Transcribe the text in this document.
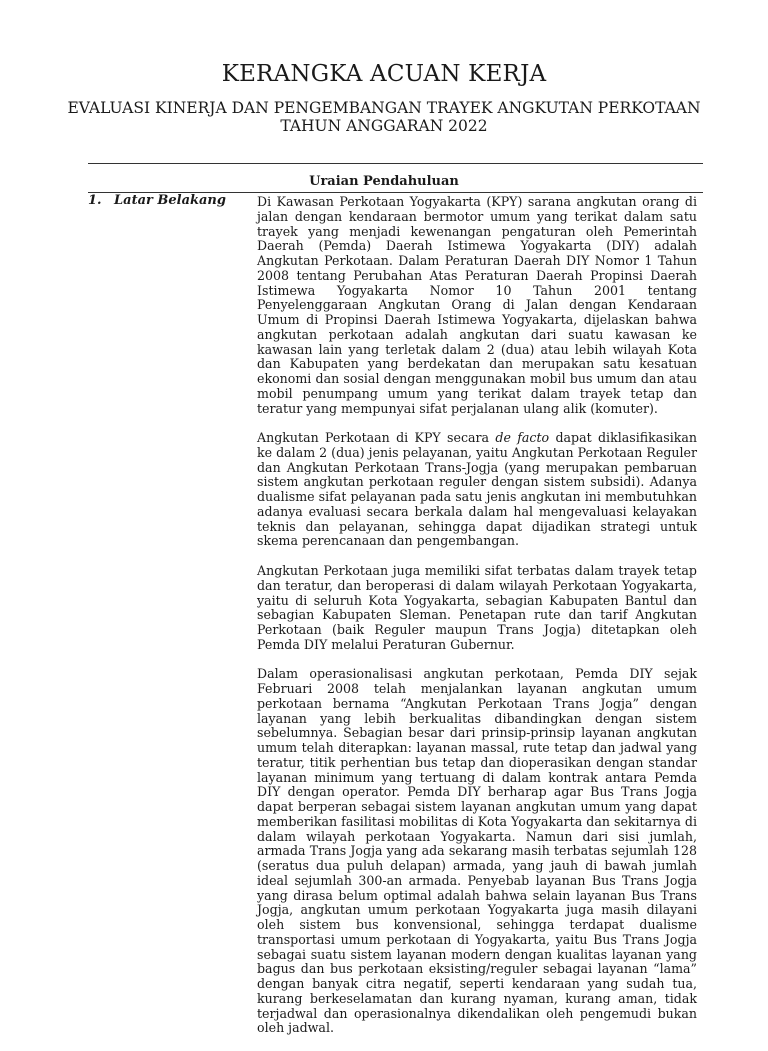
KERANGKA ACUAN KERJA
EVALUASI KINERJA DAN PENGEMBANGAN TRAYEK ANGKUTAN PERKOTAAN
TAHUN ANGGARAN 2022
Uraian Pendahuluan
1. Latar Belakang Di Kawasan Perkotaan Yogyakarta (KPY) sarana angkutan orang di jalan dengan kendaraan bermotor umum yang terikat dalam satu trayek yang menjadi kewenangan pengaturan oleh Pemerintah Daerah (Pemda) Daerah Istimewa Yogyakarta (DIY) adalah Angkutan Perkotaan. Dalam Peraturan Daerah DIY Nomor 1 Tahun 2008 tentang Perubahan Atas Peraturan Daerah Propinsi Daerah Istimewa Yogyakarta Nomor 10 Tahun 2001 tentang Penyelenggaraan Angkutan Orang di Jalan dengan Kendaraan Umum di Propinsi Daerah Istimewa Yogyakarta, dijelaskan bahwa angkutan perkotaan adalah angkutan dari suatu kawasan ke kawasan lain yang terletak dalam 2 (dua) atau lebih wilayah Kota dan Kabupaten yang berdekatan dan merupakan satu kesatuan ekonomi dan sosial dengan menggunakan mobil bus umum dan atau mobil penumpang umum yang terikat dalam trayek tetap dan teratur yang mempunyai sifat perjalanan ulang alik (komuter).

Angkutan Perkotaan di KPY secara de facto dapat diklasifikasikan ke dalam 2 (dua) jenis pelayanan, yaitu Angkutan Perkotaan Reguler dan Angkutan Perkotaan Trans-Jogja (yang merupakan pembaruan sistem angkutan perkotaan reguler dengan sistem subsidi). Adanya dualisme sifat pelayanan pada satu jenis angkutan ini membutuhkan adanya evaluasi secara berkala dalam hal mengevaluasi kelayakan teknis dan pelayanan, sehingga dapat dijadikan strategi untuk skema perencanaan dan pengembangan.

Angkutan Perkotaan juga memiliki sifat terbatas dalam trayek tetap dan teratur, dan beroperasi di dalam wilayah Perkotaan Yogyakarta, yaitu di seluruh Kota Yogyakarta, sebagian Kabupaten Bantul dan sebagian Kabupaten Sleman. Penetapan rute dan tarif Angkutan Perkotaan (baik Reguler maupun Trans Jogja) ditetapkan oleh Pemda DIY melalui Peraturan Gubernur.

Dalam operasionalisasi angkutan perkotaan, Pemda DIY sejak Februari 2008 telah menjalankan layanan angkutan umum perkotaan bernama “Angkutan Perkotaan Trans Jogja” dengan layanan yang lebih berkualitas dibandingkan dengan sistem sebelumnya. Sebagian besar dari prinsip-prinsip layanan angkutan umum telah diterapkan: layanan massal, rute tetap dan jadwal yang teratur, titik perhentian bus tetap dan dioperasikan dengan standar layanan minimum yang tertuang di dalam kontrak antara Pemda DIY dengan operator. Pemda DIY berharap agar Bus Trans Jogja dapat berperan sebagai sistem layanan angkutan umum yang dapat memberikan fasilitasi mobilitas di Kota Yogyakarta dan sekitarnya di dalam wilayah perkotaan Yogyakarta. Namun dari sisi jumlah, armada Trans Jogja yang ada sekarang masih terbatas sejumlah 128 (seratus dua puluh delapan) armada, yang jauh di bawah jumlah ideal sejumlah 300-an armada. Penyebab layanan Bus Trans Jogja yang dirasa belum optimal adalah bahwa selain layanan Bus Trans Jogja, angkutan umum perkotaan Yogyakarta juga masih dilayani oleh sistem bus konvensional, sehingga terdapat dualisme transportasi umum perkotaan di Yogyakarta, yaitu Bus Trans Jogja sebagai suatu sistem layanan modern dengan kualitas layanan yang bagus dan bus perkotaan eksisting/reguler sebagai layanan “lama” dengan banyak citra negatif, seperti kendaraan yang sudah tua, kurang berkeselamatan dan kurang nyaman, kurang aman, tidak terjadwal dan operasionalnya dikendalikan oleh pengemudi bukan oleh jadwal.
